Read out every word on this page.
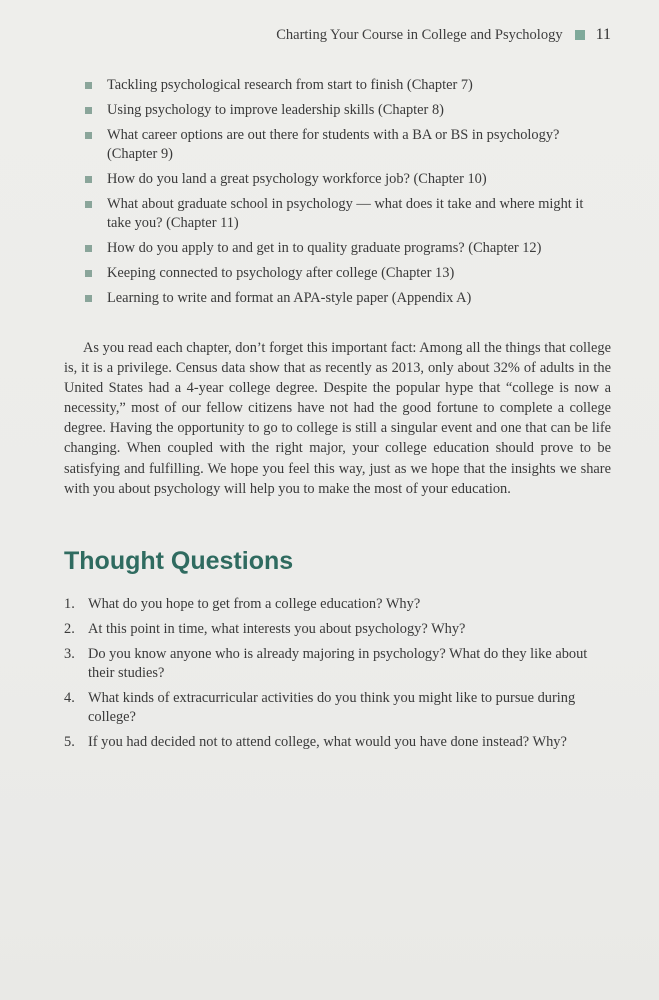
Charting Your Course in College and Psychology 11
Tackling psychological research from start to finish (Chapter 7)
Using psychology to improve leadership skills (Chapter 8)
What career options are out there for students with a BA or BS in psychology? (Chapter 9)
How do you land a great psychology workforce job? (Chapter 10)
What about graduate school in psychology — what does it take and where might it take you? (Chapter 11)
How do you apply to and get in to quality graduate programs? (Chapter 12)
Keeping connected to psychology after college (Chapter 13)
Learning to write and format an APA-style paper (Appendix A)

As you read each chapter, don’t forget this important fact: Among all the things that college is, it is a privilege. Census data show that as recently as 2013, only about 32% of adults in the United States had a 4-year college degree. Despite the popular hype that “college is now a necessity,” most of our fellow citizens have not had the good fortune to complete a college degree. Having the opportunity to go to college is still a singular event and one that can be life changing. When coupled with the right major, your college education should prove to be satisfying and fulfilling. We hope you feel this way, just as we hope that the insights we share with you about psychology will help you to make the most of your education.

Thought Questions
1. What do you hope to get from a college education? Why?
2. At this point in time, what interests you about psychology? Why?
3. Do you know anyone who is already majoring in psychology? What do they like about their studies?
4. What kinds of extracurricular activities do you think you might like to pursue during college?
5. If you had decided not to attend college, what would you have done instead? Why?
